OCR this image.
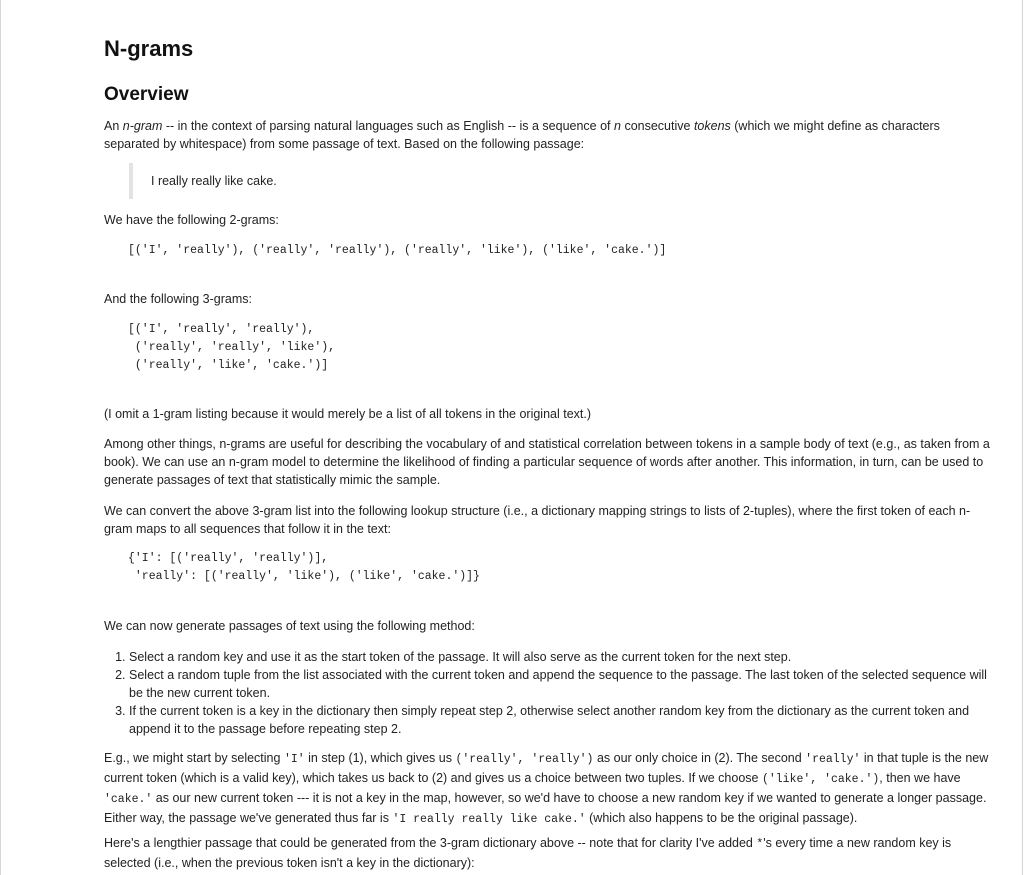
N-grams
Overview

An n-gram -- in the context of parsing natural languages such as English -- is a sequence of n consecutive tokens (which we might define as characters separated by whitespace) from some passage of text. Based on the following passage:

I really really like cake.

We have the following 2-grams:

[('I', 'really'), ('really', 'really'), ('really', 'like'), ('like', 'cake.')]

And the following 3-grams:

[('I', 'really', 'really'),
('really', 'really', 'like'),
('really', 'like', 'cake.')]

(I omit a 1-gram listing because it would merely be a list of all tokens in the original text.)

Among other things, n-grams are useful for describing the vocabulary of and statistical correlation between tokens in a sample body of text (e.g., as taken from a book). We can use an n-gram model to determine the likelihood of finding a particular sequence of words after another. This information, in turn, can be used to generate passages of text that statistically mimic the sample.

We can convert the above 3-gram list into the following lookup structure (i.e., a dictionary mapping strings to lists of 2-tuples), where the first token of each n-gram maps to all sequences that follow it in the text:

{'I': [('really', 'really')],
'really': [('really', 'like'), ('like', 'cake.')]}

We can now generate passages of text using the following method:

1. Select a random key and use it as the start token of the passage. It will also serve as the current token for the next step.
2. Select a random tuple from the list associated with the current token and append the sequence to the passage. The last token of the selected sequence will be the new current token.
3. If the current token is a key in the dictionary then simply repeat step 2, otherwise select another random key from the dictionary as the current token and append it to the passage before repeating step 2.

E.g., we might start by selecting 'I' in step (1), which gives us ('really', 'really') as our only choice in (2). The second 'really' in that tuple is the new current token (which is a valid key), which takes us back to (2) and gives us a choice between two tuples. If we choose ('like', 'cake.'), then we have 'cake.' as our new current token --- it is not a key in the map, however, so we'd have to choose a new random key if we wanted to generate a longer passage. Either way, the passage we've generated thus far is 'I really really like cake.' (which also happens to be the original passage).

Here's a lengthier passage that could be generated from the 3-gram dictionary above -- note that for clarity I've added *'s every time a new random key is selected (i.e., when the previous token isn't a key in the dictionary):
